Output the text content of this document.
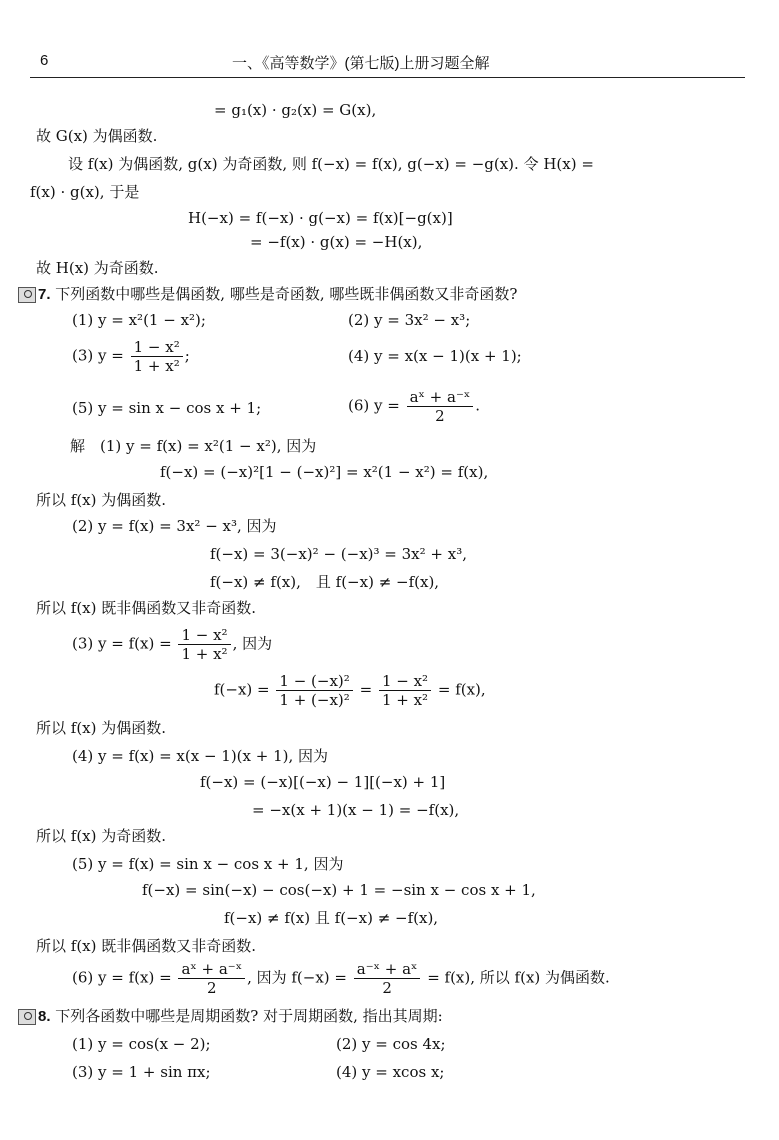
6	一、《高等数学》(第七版)上册习题全解
= g₁(x) · g₂(x) = G(x),
故 G(x) 为偶函数.
设 f(x) 为偶函数, g(x) 为奇函数, 则 f(−x) = f(x), g(−x) = −g(x). 令 H(x) =
f(x) · g(x), 于是
H(−x) = f(−x) · g(−x) = f(x)[−g(x)]
= −f(x) · g(x) = −H(x),
故 H(x) 为奇函数.
7. 下列函数中哪些是偶函数, 哪些是奇函数, 哪些既非偶函数又非奇函数?
(1) y = x²(1 − x²);	(2) y = 3x² − x³;
(3) $y = \frac{\text{1 − x²}}{\text{1 + x²}}$ ;	(4) y = x(x − 1)(x + 1);
(5) y = sin x − cos x + 1;	(6) $y = \frac{\text{aˣ + a⁻ˣ}}{2}$ .
解　(1) y = f(x) = x²(1 − x²), 因为
f(−x) = (−x)²[1 − (−x)²] = x²(1 − x²) = f(x),
所以 f(x) 为偶函数.
(2) y = f(x) = 3x² − x³, 因为
f(−x) = 3(−x)² − (−x)³ = 3x² + x³,
f(−x) ≠ f(x),　且 f(−x) ≠ −f(x),
所以 f(x) 既非偶函数又非奇函数.
(3) $y = f(x) = \frac{\text{1 − x²}}{\text{1 + x²}}$ , 因为
$f(-x) = \frac{\text{1 − (−x)²}}{\text{1 + (−x)²}} = \frac{\text{1 − x²}}{\text{1 + x²}} = f(x)$,
所以 f(x) 为偶函数.
(4) y = f(x) = x(x − 1)(x + 1), 因为
f(−x) = (−x)[(−x) − 1][(−x) + 1]
= −x(x + 1)(x − 1) = −f(x),
所以 f(x) 为奇函数.
(5) y = f(x) = sin x − cos x + 1, 因为
f(−x) = sin(−x) − cos(−x) + 1 = −sin x − cos x + 1,
f(−x) ≠ f(x) 且 f(−x) ≠ −f(x),
所以 f(x) 既非偶函数又非奇函数.
(6) $y = f(x) = \frac{\text{aˣ + a⁻ˣ}}{2}$ , 因为 $f(-x) = \frac{\text{a⁻ˣ + aˣ}}{2} = f(x)$, 所以 f(x) 为偶函数.
8. 下列各函数中哪些是周期函数? 对于周期函数, 指出其周期:
(1) y = cos(x − 2);	(2) y = cos 4x;
(3) y = 1 + sin πx;	(4) y = xcos x;
